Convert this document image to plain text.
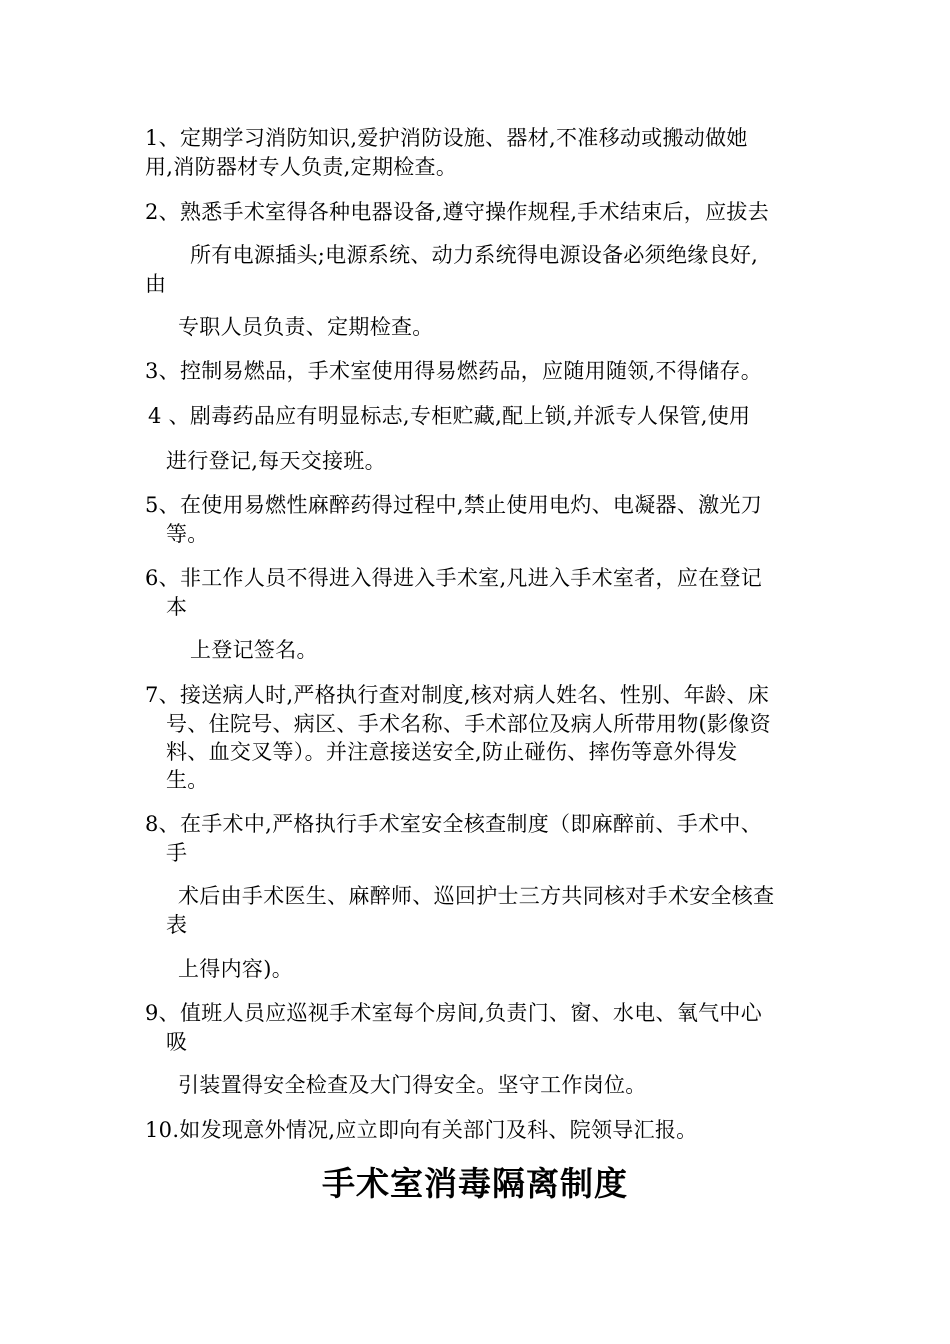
1、定期学习消防知识,爱护消防设施、器材,不准移动或搬动做她
用,消防器材专人负责,定期检查。
2、熟悉手术室得各种电器设备,遵守操作规程,手术结束后，应拔去
所有电源插头;电源系统、动力系统得电源设备必须绝缘良好,
由
专职人员负责、定期检查。
3、控制易燃品，手术室使用得易燃药品，应随用随领,不得储存。
4 、剧毒药品应有明显标志,专柜贮藏,配上锁,并派专人保管,使用
进行登记,每天交接班。
5、在使用易燃性麻醉药得过程中,禁止使用电灼、电凝器、激光刀
等。
6、非工作人员不得进入得进入手术室,凡进入手术室者，应在登记
本
上登记签名。
7、接送病人时,严格执行查对制度,核对病人姓名、性别、年龄、床
号、住院号、病区、手术名称、手术部位及病人所带用物(影像资
料、血交叉等）。并注意接送安全,防止碰伤、摔伤等意外得发
生。
8、在手术中,严格执行手术室安全核查制度（即麻醉前、手术中、
手
术后由手术医生、麻醉师、巡回护士三方共同核对手术安全核查
表
上得内容)。
9、值班人员应巡视手术室每个房间,负责门、窗、水电、氧气中心
吸
引装置得安全检查及大门得安全。坚守工作岗位。
10.如发现意外情况,应立即向有关部门及科、院领导汇报。
手术室消毒隔离制度
